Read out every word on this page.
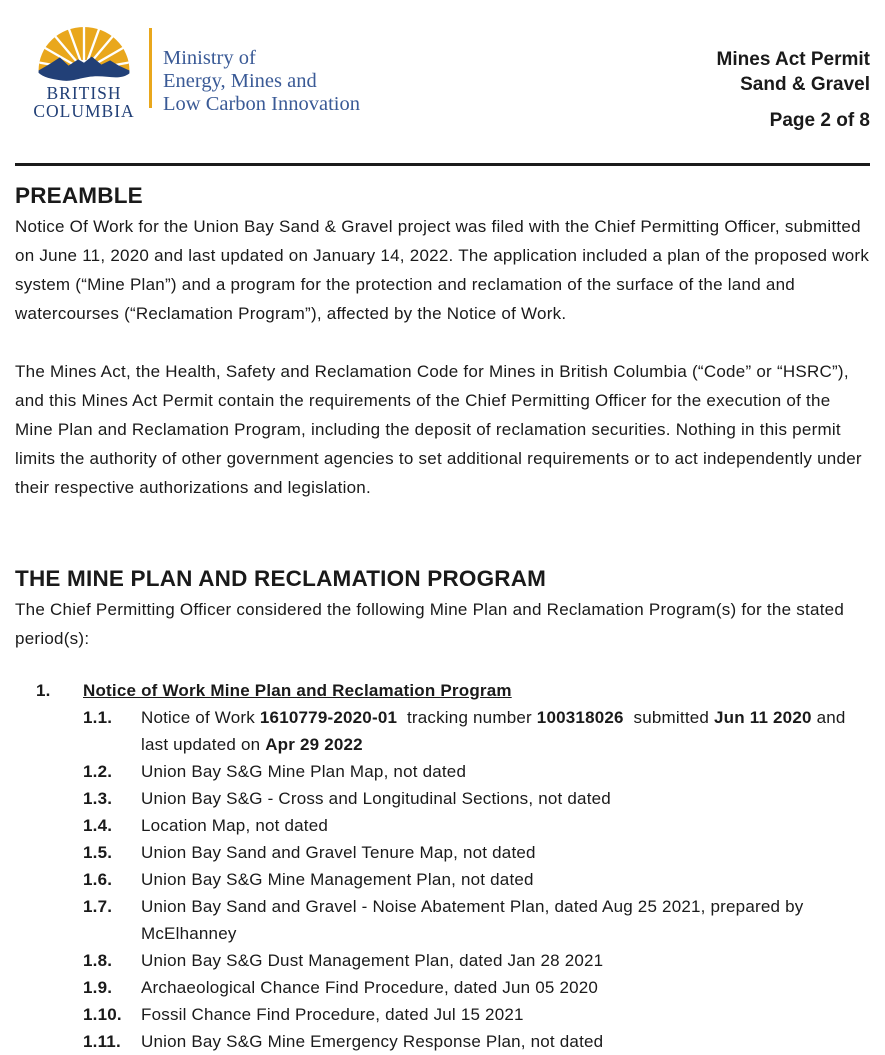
BRITISH
COLUMBIA
Ministry of
Energy, Mines and
Low Carbon Innovation
Mines Act Permit
Sand & Gravel
Page 2 of 8
PREAMBLE

Notice Of Work for the Union Bay Sand & Gravel project was filed with the Chief Permitting Officer, submitted on June 11, 2020 and last updated on January 14, 2022. The application included a plan of the proposed work system (“Mine Plan”) and a program for the protection and reclamation of the surface of the land and watercourses (“Reclamation Program”), affected by the Notice of Work.

The Mines Act, the Health, Safety and Reclamation Code for Mines in British Columbia (“Code” or “HSRC”), and this Mines Act Permit contain the requirements of the Chief Permitting Officer for the execution of the Mine Plan and Reclamation Program, including the deposit of reclamation securities. Nothing in this permit limits the authority of other government agencies to set additional requirements or to act independently under their respective authorizations and legislation.

THE MINE PLAN AND RECLAMATION PROGRAM

The Chief Permitting Officer considered the following Mine Plan and Reclamation Program(s) for the stated period(s):

1.	Notice of Work Mine Plan and Reclamation Program
1.1.	Notice of Work 1610779-2020-01  tracking number 100318026  submitted Jun 11 2020 and last updated on Apr 29 2022
1.2.	Union Bay S&G Mine Plan Map, not dated
1.3.	Union Bay S&G - Cross and Longitudinal Sections, not dated
1.4.	Location Map, not dated
1.5.	Union Bay Sand and Gravel Tenure Map, not dated
1.6.	Union Bay S&G Mine Management Plan, not dated
1.7.	Union Bay Sand and Gravel - Noise Abatement Plan, dated Aug 25 2021, prepared by McElhanney
1.8.	Union Bay S&G Dust Management Plan, dated Jan 28 2021
1.9.	Archaeological Chance Find Procedure, dated Jun 05 2020
1.10.	Fossil Chance Find Procedure, dated Jul 15 2021
1.11.	Union Bay S&G Mine Emergency Response Plan, not dated
